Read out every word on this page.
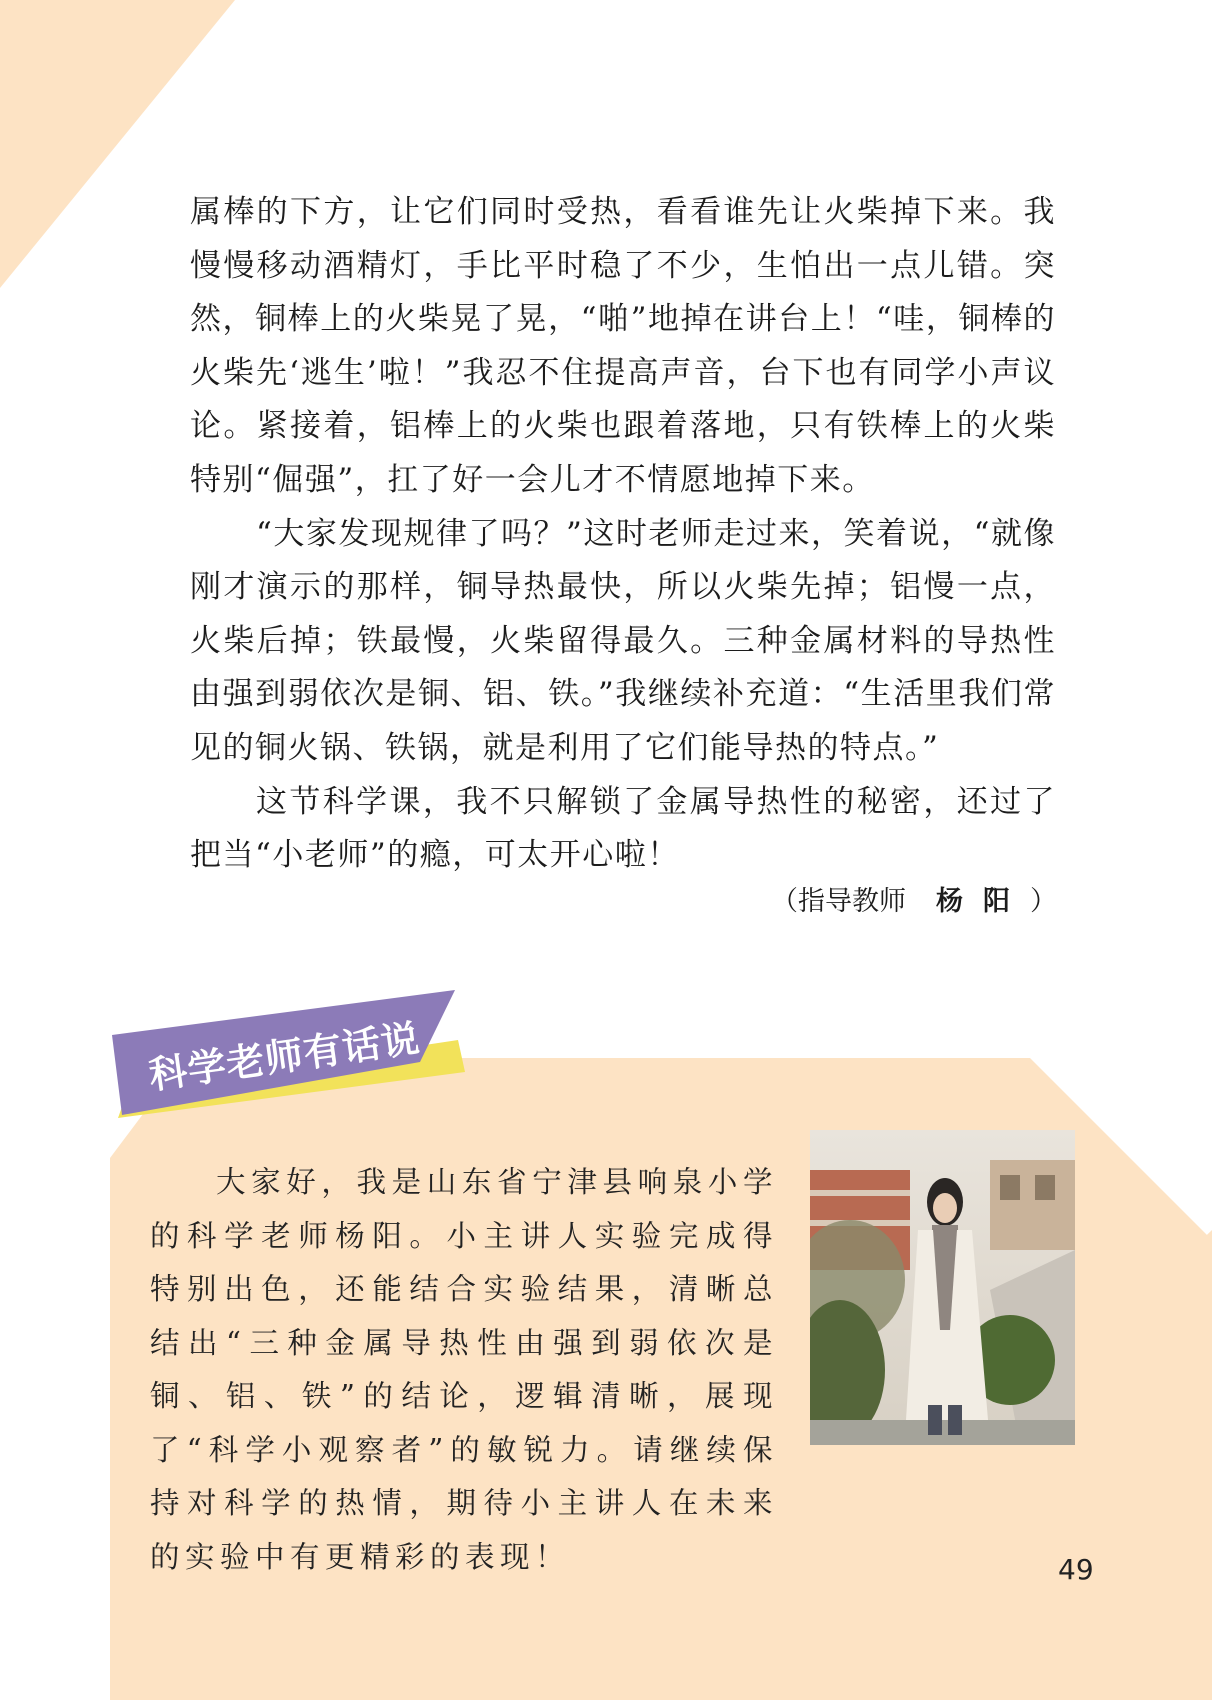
属棒的下方，让它们同时受热，看看谁先让火柴掉下来。我慢慢移动酒精灯，手比平时稳了不少，生怕出一点儿错。突然，铜棒上的火柴晃了晃，“啪”地掉在讲台上！“哇，铜棒的火柴先‘逃生’啦！”我忍不住提高声音，台下也有同学小声议论。紧接着，铝棒上的火柴也跟着落地，只有铁棒上的火柴特别“倔强”，扛了好一会儿才不情愿地掉下来。

“大家发现规律了吗？”这时老师走过来，笑着说，“就像刚才演示的那样，铜导热最快，所以火柴先掉；铝慢一点，火柴后掉；铁最慢，火柴留得最久。三种金属材料的导热性由强到弱依次是铜、铝、铁。”我继续补充道：“生活里我们常见的铜火锅、铁锅，就是利用了它们能导热的特点。”

这节科学课，我不只解锁了金属导热性的秘密，还过了把当“小老师”的瘾，可太开心啦！

（指导教师 杨阳）
科学老师有话说

大家好，我是山东省宁津县响泉小学的科学老师杨阳。小主讲人实验完成得特别出色，还能结合实验结果，清晰总结出“三种金属导热性由强到弱依次是铜、铝、铁”的结论，逻辑清晰，展现了“科学小观察者”的敏锐力。请继续保持对科学的热情，期待小主讲人在未来的实验中有更精彩的表现！	49
